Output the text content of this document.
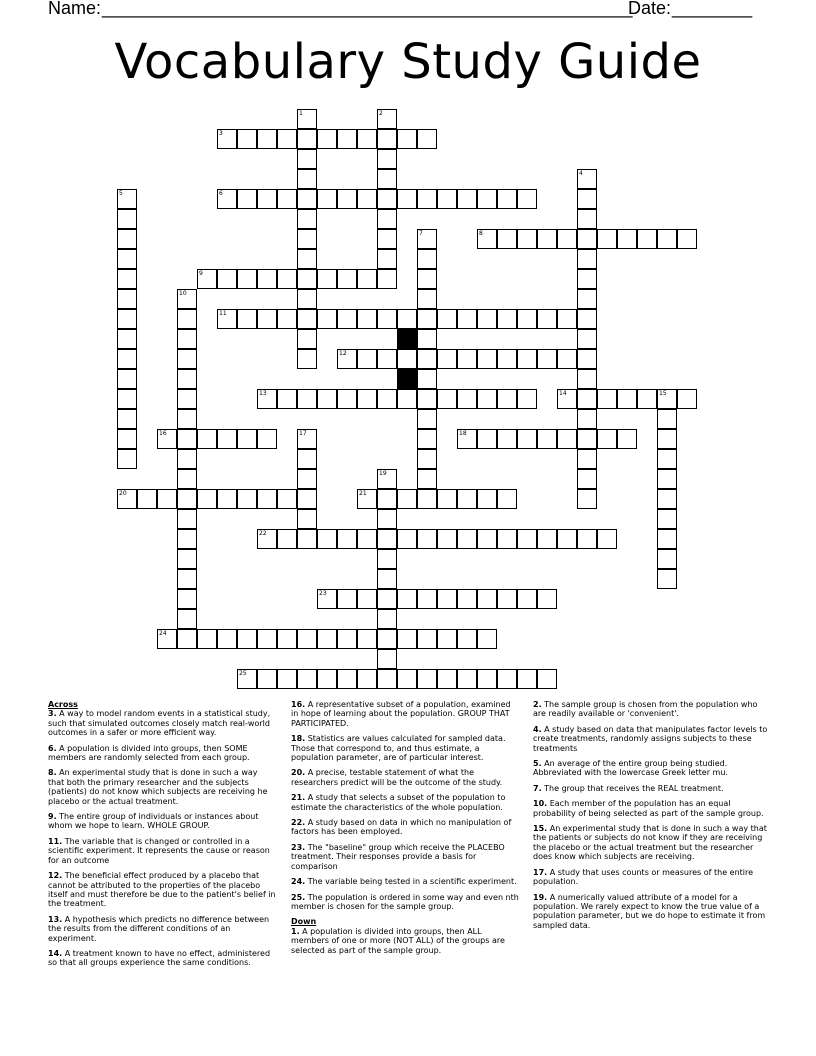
Name: _____________________________________________________
Date: ________
Vocabulary Study Guide
3
6
8
9
11
12
13	14	15
16	18
20	21
22
23
24
25
1	2
4
5
7
10
17
19
Across
3. A way to model random events in a statistical study, such that simulated outcomes closely match real-world outcomes in a safer or more efficient way.
6. A population is divided into groups, then SOME members are randomly selected from each group.
8. An experimental study that is done in such a way that both the primary researcher and the subjects (patients) do not know which subjects are receiving he placebo or the actual treatment.
9. The entire group of individuals or instances about whom we hope to learn. WHOLE GROUP.
11. The variable that is changed or controlled in a scientific experiment. It represents the cause or reason for an outcome
12. The beneficial effect produced by a placebo that cannot be attributed to the properties of the placebo itself and must therefore be due to the patient's belief in the treatment.
13. A hypothesis which predicts no difference between the results from the different conditions of an experiment.
14. A treatment known to have no effect, administered so that all groups experience the same conditions.
16. A representative subset of a population, examined in hope of learning about the population. GROUP THAT PARTICIPATED.
18. Statistics are values calculated for sampled data. Those that correspond to, and thus estimate, a population parameter, are of particular interest.
20. A precise, testable statement of what the researchers predict will be the outcome of the study.
21. A study that selects a subset of the population to estimate the characteristics of the whole population.
22. A study based on data in which no manipulation of factors has been employed.
23. The "baseline" group which receive the PLACEBO treatment. Their responses provide a basis for comparison
24. The variable being tested in a scientific experiment.
25. The population is ordered in some way and even nth member is chosen for the sample group.
Down
1. A population is divided into groups, then ALL members of one or more (NOT ALL) of the groups are selected as part of the sample group.
2. The sample group is chosen from the population who are readily available or 'convenient'.
4. A study based on data that manipulates factor levels to create treatments, randomly assigns subjects to these treatments
5. An average of the entire group being studied. Abbreviated with the lowercase Greek letter mu.
7. The group that receives the REAL treatment.
10. Each member of the population has an equal probability of being selected as part of the sample group.
15. An experimental study that is done in such a way that the patients or subjects do not know if they are receiving the placebo or the actual treatment but the researcher does know which subjects are receiving.
17. A study that uses counts or measures of the entire population.
19. A numerically valued attribute of a model for a population. We rarely expect to know the true value of a population parameter, but we do hope to estimate it from sampled data.
